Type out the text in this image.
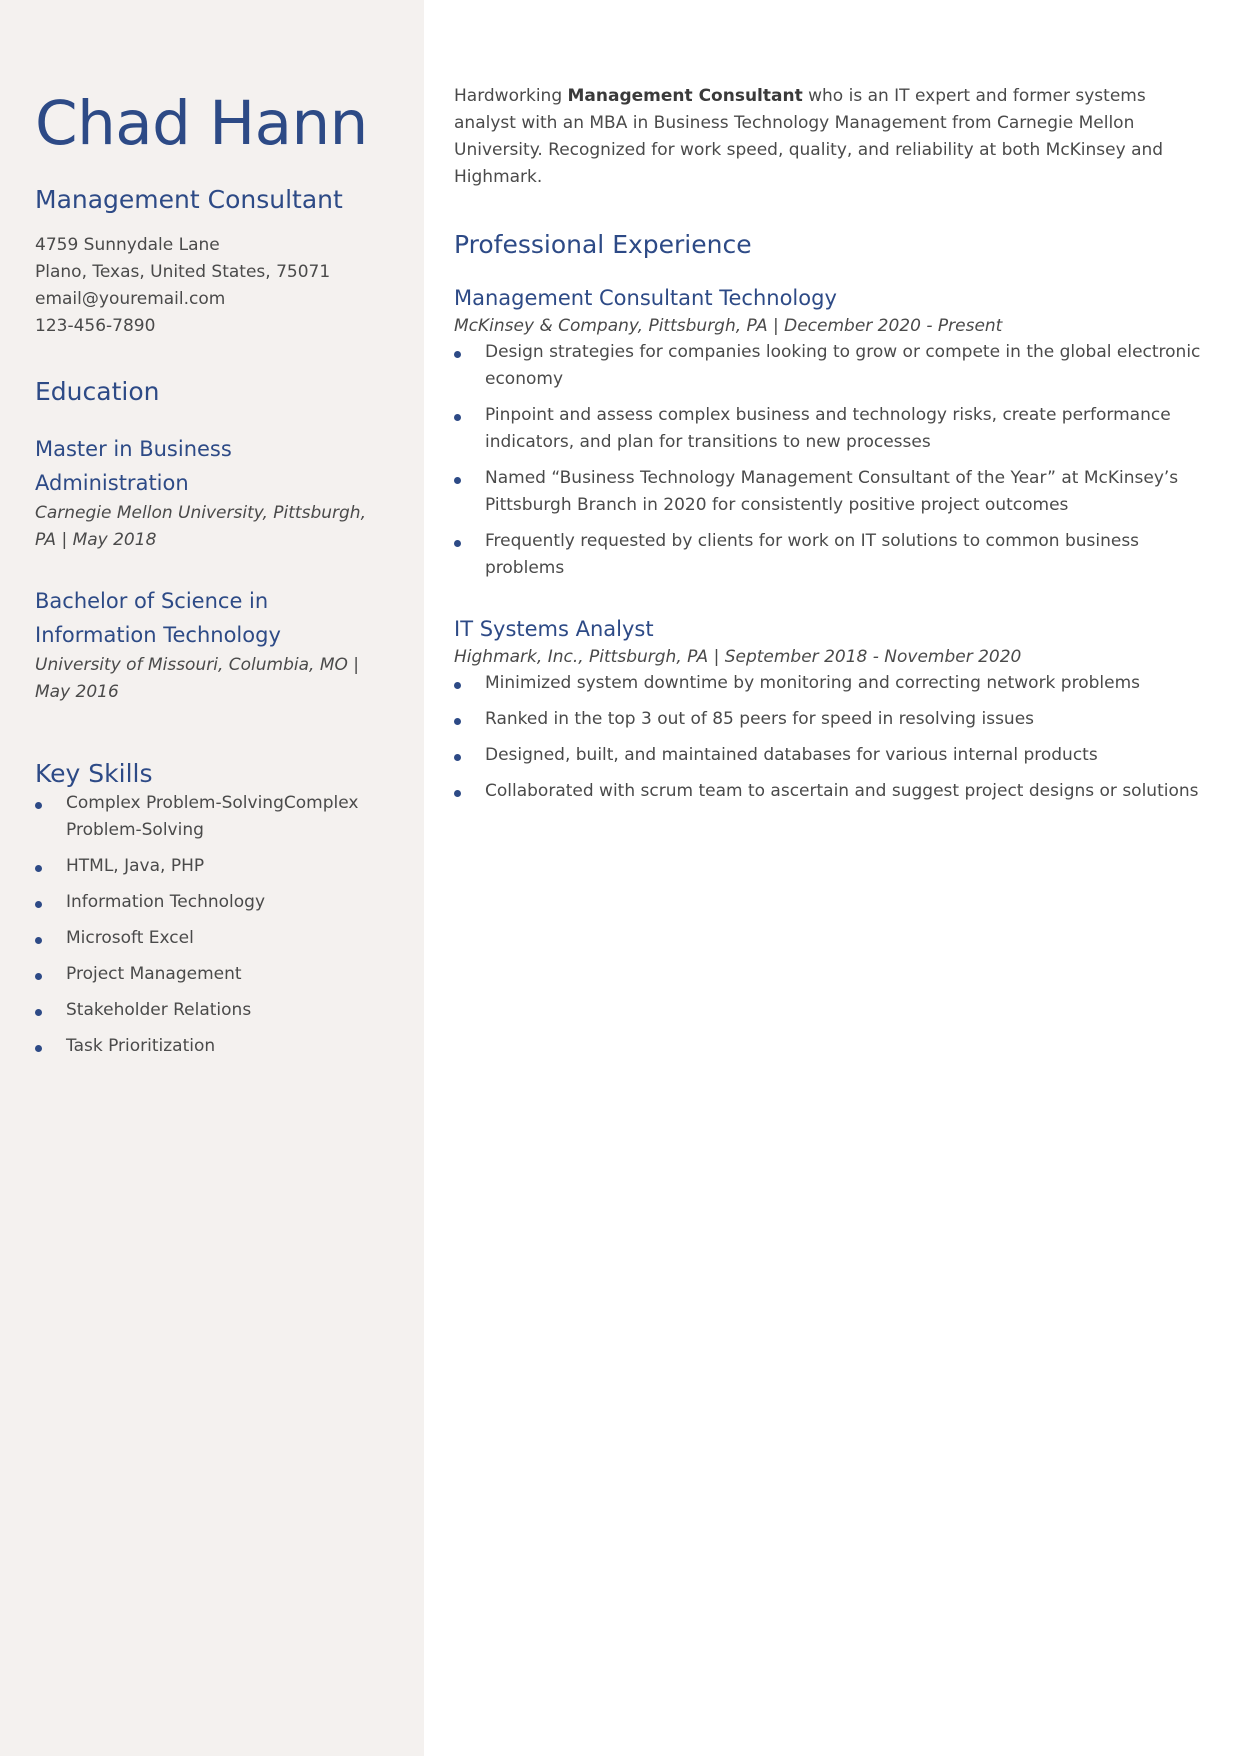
Chad Hann
Management Consultant
4759 Sunnydale Lane
Plano, Texas, United States, 75071
email@youremail.com
123-456-7890
Education
Master in Business Administration
Carnegie Mellon University, Pittsburgh, PA | May 2018
Bachelor of Science in Information Technology
University of Missouri, Columbia, MO | May 2016
Key Skills
Complex Problem-SolvingComplex Problem-Solving
HTML, Java, PHP
Information Technology
Microsoft Excel
Project Management
Stakeholder Relations
Task Prioritization

Hardworking Management Consultant who is an IT expert and former systems analyst with an MBA in Business Technology Management from Carnegie Mellon University. Recognized for work speed, quality, and reliability at both McKinsey and Highmark.

Professional Experience
Management Consultant Technology
McKinsey & Company, Pittsburgh, PA | December 2020 - Present
Design strategies for companies looking to grow or compete in the global electronic economy
Pinpoint and assess complex business and technology risks, create performance indicators, and plan for transitions to new processes
Named “Business Technology Management Consultant of the Year” at McKinsey’s Pittsburgh Branch in 2020 for consistently positive project outcomes
Frequently requested by clients for work on IT solutions to common business problems
IT Systems Analyst
Highmark, Inc., Pittsburgh, PA | September 2018 - November 2020
Minimized system downtime by monitoring and correcting network problems
Ranked in the top 3 out of 85 peers for speed in resolving issues
Designed, built, and maintained databases for various internal products
Collaborated with scrum team to ascertain and suggest project designs or solutions
